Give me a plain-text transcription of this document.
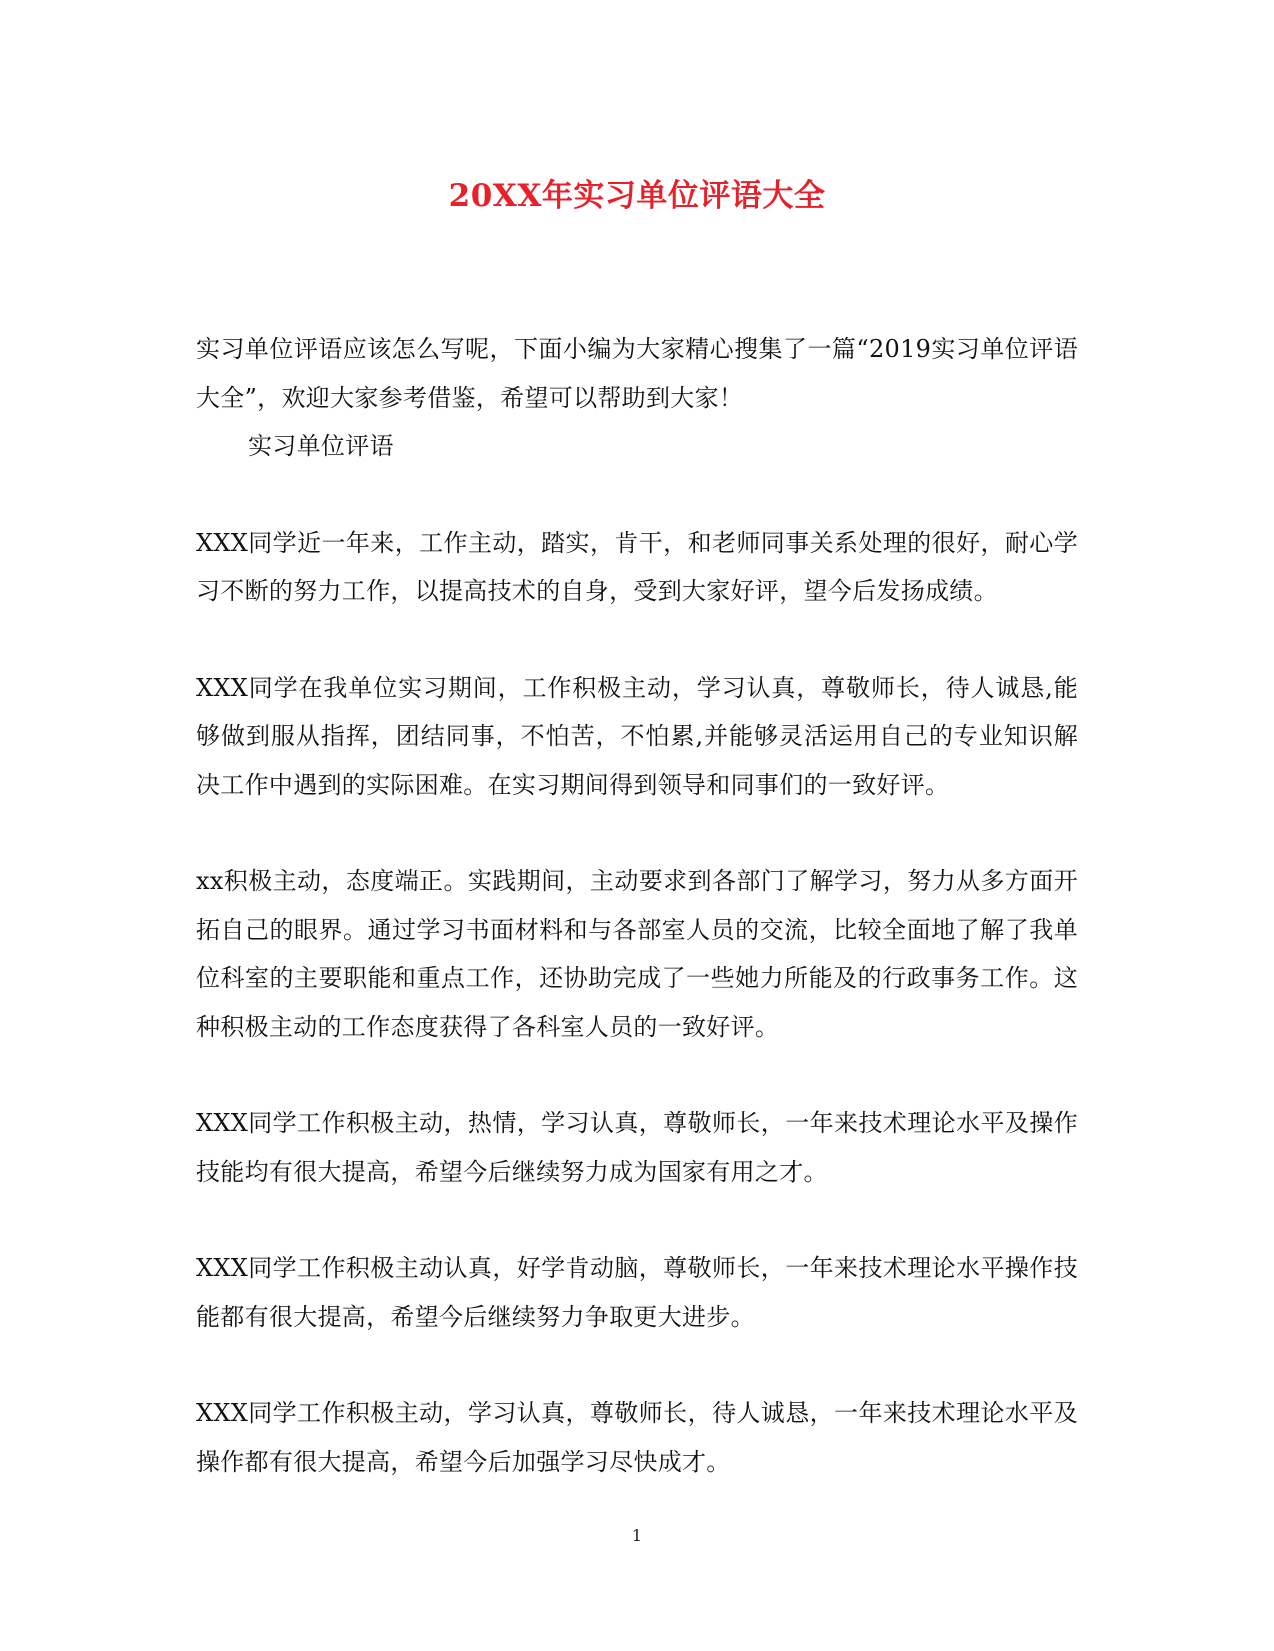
20XX年实习单位评语大全

实习单位评语应该怎么写呢，下面小编为大家精心搜集了一篇“2019实习单位评语大全”，欢迎大家参考借鉴，希望可以帮助到大家！

实习单位评语

XXX同学近一年来，工作主动，踏实，肯干，和老师同事关系处理的很好，耐心学习不断的努力工作，以提高技术的自身，受到大家好评，望今后发扬成绩。

XXX同学在我单位实习期间，工作积极主动，学习认真，尊敬师长，待人诚恳,能够做到服从指挥，团结同事，不怕苦，不怕累,并能够灵活运用自己的专业知识解决工作中遇到的实际困难。在实习期间得到领导和同事们的一致好评。

xx积极主动，态度端正。实践期间，主动要求到各部门了解学习，努力从多方面开拓自己的眼界。通过学习书面材料和与各部室人员的交流，比较全面地了解了我单位科室的主要职能和重点工作，还协助完成了一些她力所能及的行政事务工作。这种积极主动的工作态度获得了各科室人员的一致好评。

XXX同学工作积极主动，热情，学习认真，尊敬师长，一年来技术理论水平及操作技能均有很大提高，希望今后继续努力成为国家有用之才。

XXX同学工作积极主动认真，好学肯动脑，尊敬师长，一年来技术理论水平操作技能都有很大提高，希望今后继续努力争取更大进步。

XXX同学工作积极主动，学习认真，尊敬师长，待人诚恳，一年来技术理论水平及操作都有很大提高，希望今后加强学习尽快成才。

1
